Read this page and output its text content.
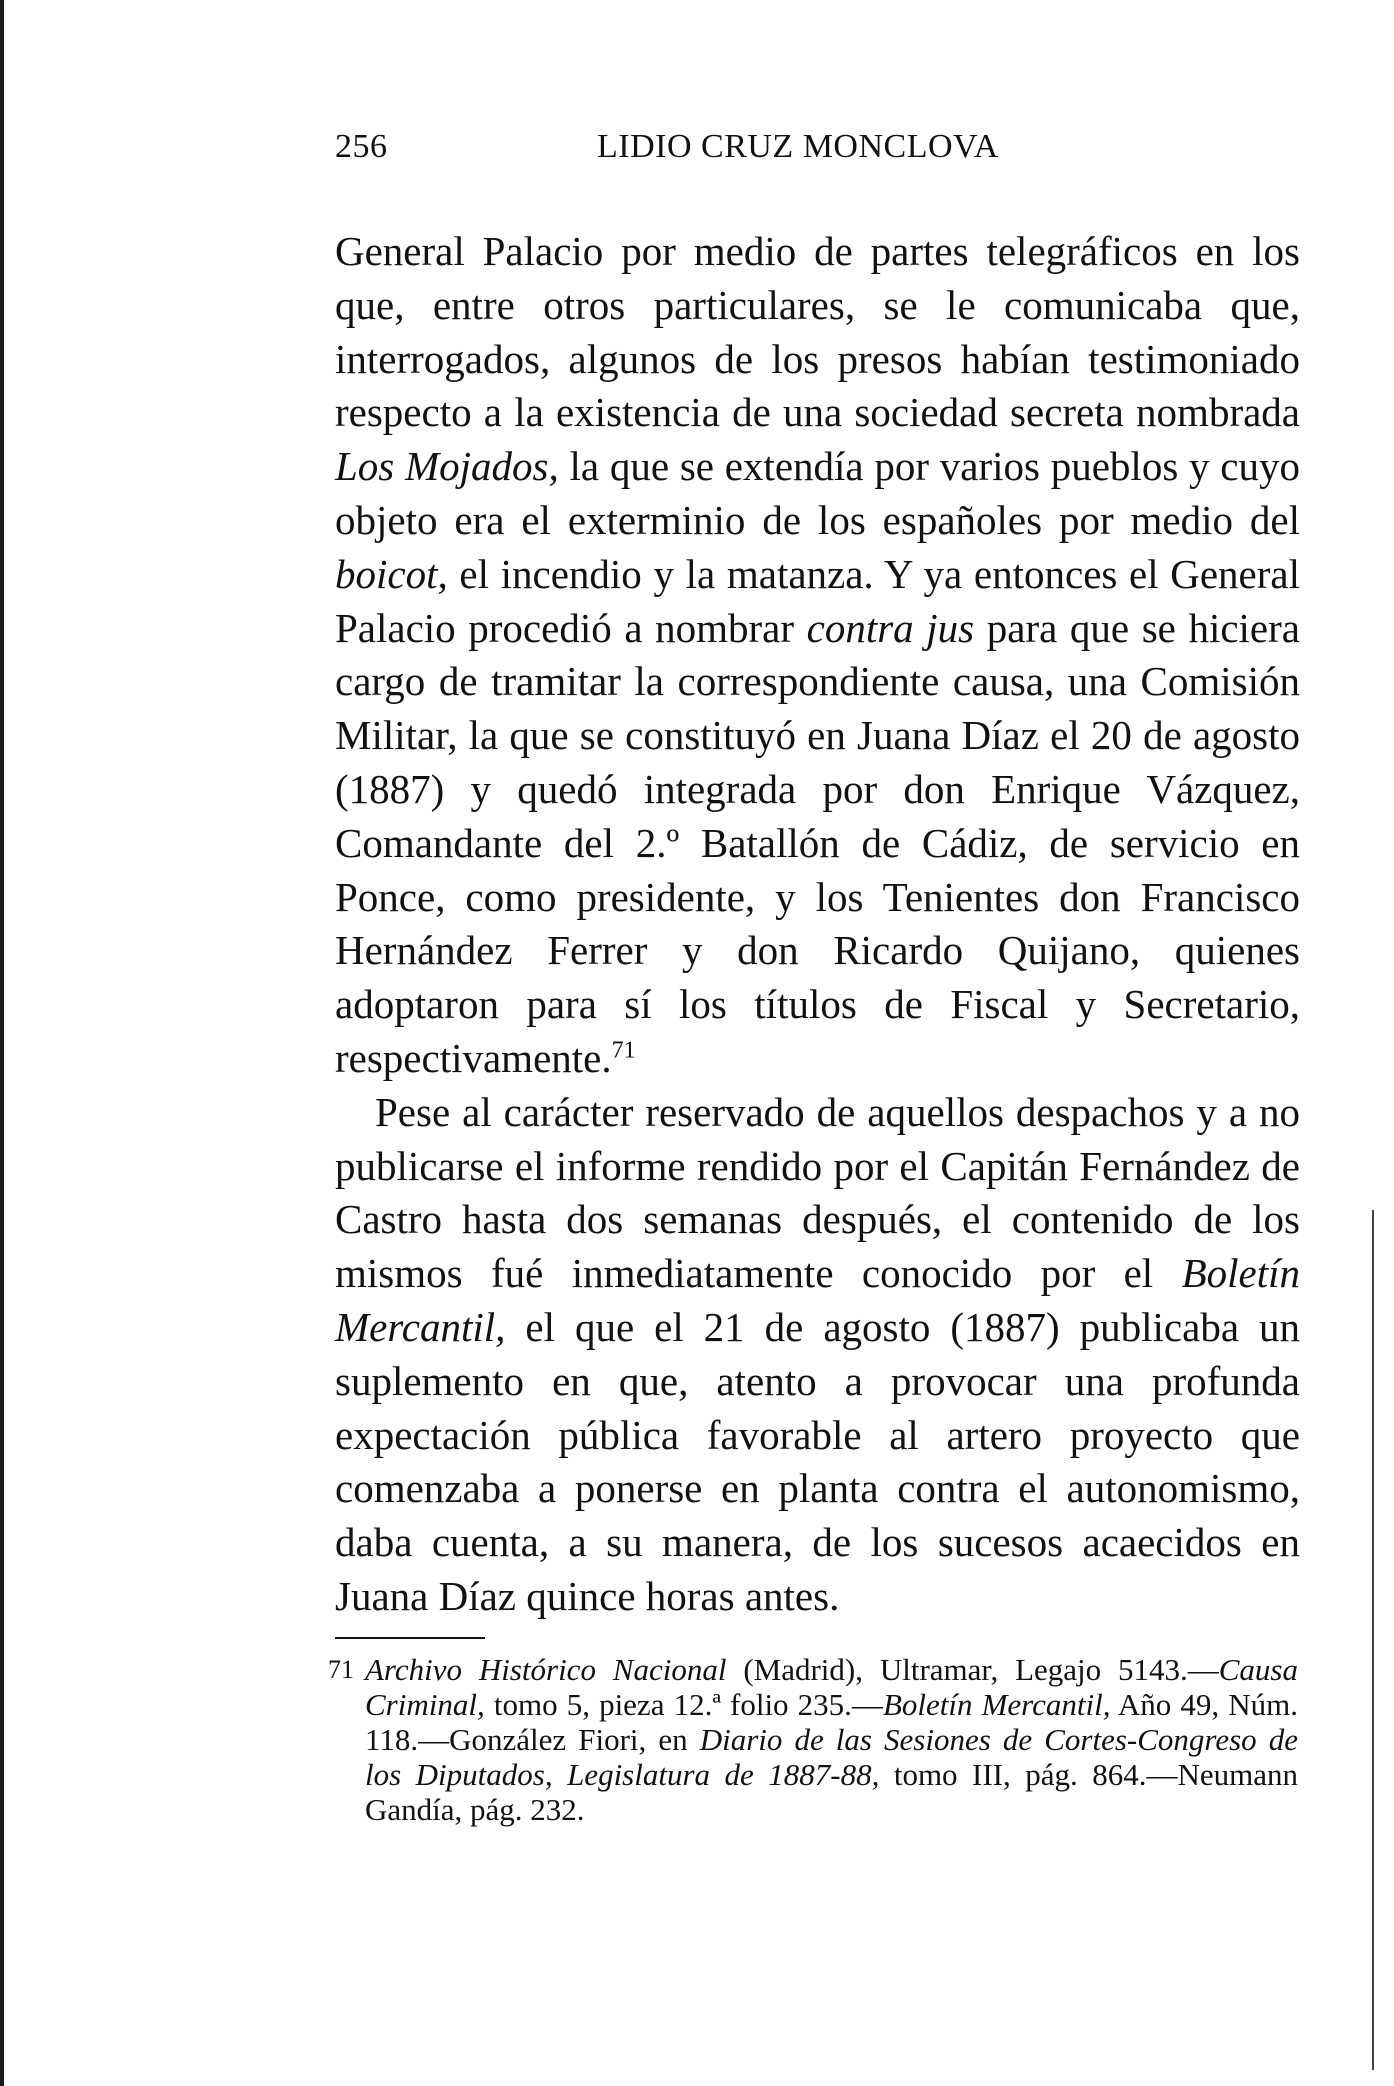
256	LIDIO CRUZ MONCLOVA

General Palacio por medio de partes telegráficos en los que, entre otros particulares, se le comunicaba que, interrogados, algunos de los presos habían testimoniado respecto a la existencia de una sociedad secreta nombrada Los Mojados, la que se extendía por varios pueblos y cuyo objeto era el exterminio de los españoles por medio del boicot, el incendio y la matanza. Y ya entonces el General Palacio procedió a nombrar contra jus para que se hiciera cargo de tramitar la correspondiente causa, una Comisión Militar, la que se constituyó en Juana Díaz el 20 de agosto (1887) y quedó integrada por don Enrique Vázquez, Comandante del 2.º Batallón de Cádiz, de servicio en Ponce, como presidente, y los Tenientes don Francisco Hernández Ferrer y don Ricardo Quijano, quienes adoptaron para sí los títulos de Fiscal y Secretario, respectivamente.$^{71}$

Pese al carácter reservado de aquellos despachos y a no publicarse el informe rendido por el Capitán Fernández de Castro hasta dos semanas después, el contenido de los mismos fué inmediatamente conocido por el Boletín Mercantil, el que el 21 de agosto (1887) publicaba un suplemento en que, atento a provocar una profunda expectación pública favorable al artero proyecto que comenzaba a ponerse en planta contra el autonomismo, daba cuenta, a su manera, de los sucesos acaecidos en Juana Díaz quince horas antes.

71 Archivo Histórico Nacional (Madrid), Ultramar, Legajo 5143.—Causa Criminal, tomo 5, pieza 12.ª folio 235.—Boletín Mercantil, Año 49, Núm. 118.—González Fiori, en Diario de las Sesiones de Cortes-Congreso de los Diputados, Legislatura de 1887-88, tomo III, pág. 864.—Neumann Gandía, pág. 232.
